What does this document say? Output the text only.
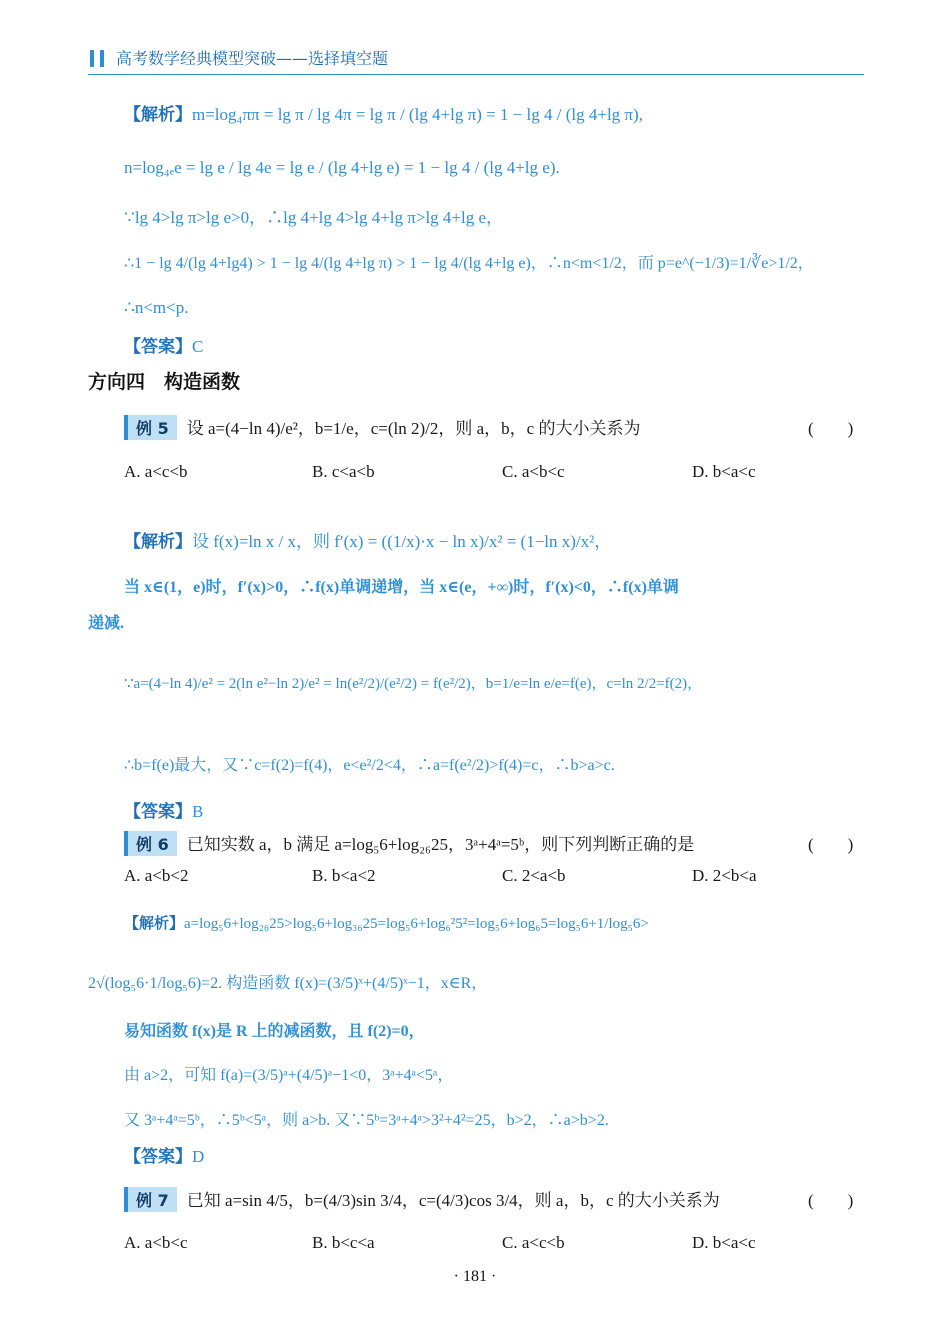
高考数学经典模型突破——选择填空题
【解析】m=log₄ππ = lg π / lg 4π = lg π / (lg 4+lg π) = 1 − lg 4 / (lg 4+lg π),
n=log₄ₑe = lg e / lg 4e = lg e / (lg 4+lg e) = 1 − lg 4 / (lg 4+lg e).
∵lg 4>lg π>lg e>0，∴lg 4+lg 4>lg 4+lg π>lg 4+lg e，
∴1 − lg 4/(lg 4+lg4) > 1 − lg 4/(lg 4+lg π) > 1 − lg 4/(lg 4+lg e)，∴n<m<1/2，而 p=e^(−1/3)=1/∛e>1/2，
∴n<m<p.
【答案】C
方向四　构造函数
例 5 设 a=(4−ln 4)/e²，b=1/e，c=(ln 2)/2，则 a，b，c 的大小关系为	(　　)
A. a<c<b	B. c<a<b	C. a<b<c	D. b<a<c
【解析】设 f(x)=ln x / x，则 f′(x) = ((1/x)·x − ln x)/x² = (1−ln x)/x²，
当 x∈(1，e)时，f′(x)>0，∴f(x)单调递增，当 x∈(e，+∞)时，f′(x)<0，∴f(x)单调
递减.
∵a=(4−ln 4)/e² = 2(ln e²−ln 2)/e² = ln(e²/2)/(e²/2) = f(e²/2)，b=1/e=ln e/e=f(e)，c=ln 2/2=f(2)，
∴b=f(e)最大，又∵c=f(2)=f(4)，e<e²/2<4，∴a=f(e²/2)>f(4)=c，∴b>a>c.
【答案】B
例 6 已知实数 a，b 满足 a=log₅6+log₂₆25，3ᵃ+4ᵃ=5ᵇ，则下列判断正确的是	(　　)
A. a<b<2	B. b<a<2	C. 2<a<b	D. 2<b<a
【解析】a=log₅6+log₂₆25>log₅6+log₃₆25=log₅6+log₆²5²=log₅6+log₆5=log₅6+1/log₅6>
2√(log₅6·1/log₅6)=2. 构造函数 f(x)=(3/5)ˣ+(4/5)ˣ−1，x∈R，
易知函数 f(x)是 R 上的减函数，且 f(2)=0，
由 a>2，可知 f(a)=(3/5)ᵃ+(4/5)ᵃ−1<0，3ᵃ+4ᵃ<5ᵃ，
又 3ᵃ+4ᵃ=5ᵇ，∴5ᵇ<5ᵃ，则 a>b. 又∵5ᵇ=3ᵃ+4ᵃ>3²+4²=25，b>2，∴a>b>2.
【答案】D
例 7 已知 a=sin 4/5，b=(4/3)sin 3/4，c=(4/3)cos 3/4，则 a，b，c 的大小关系为	(　　)
A. a<b<c	B. b<c<a	C. a<c<b	D. b<a<c
· 181 ·
